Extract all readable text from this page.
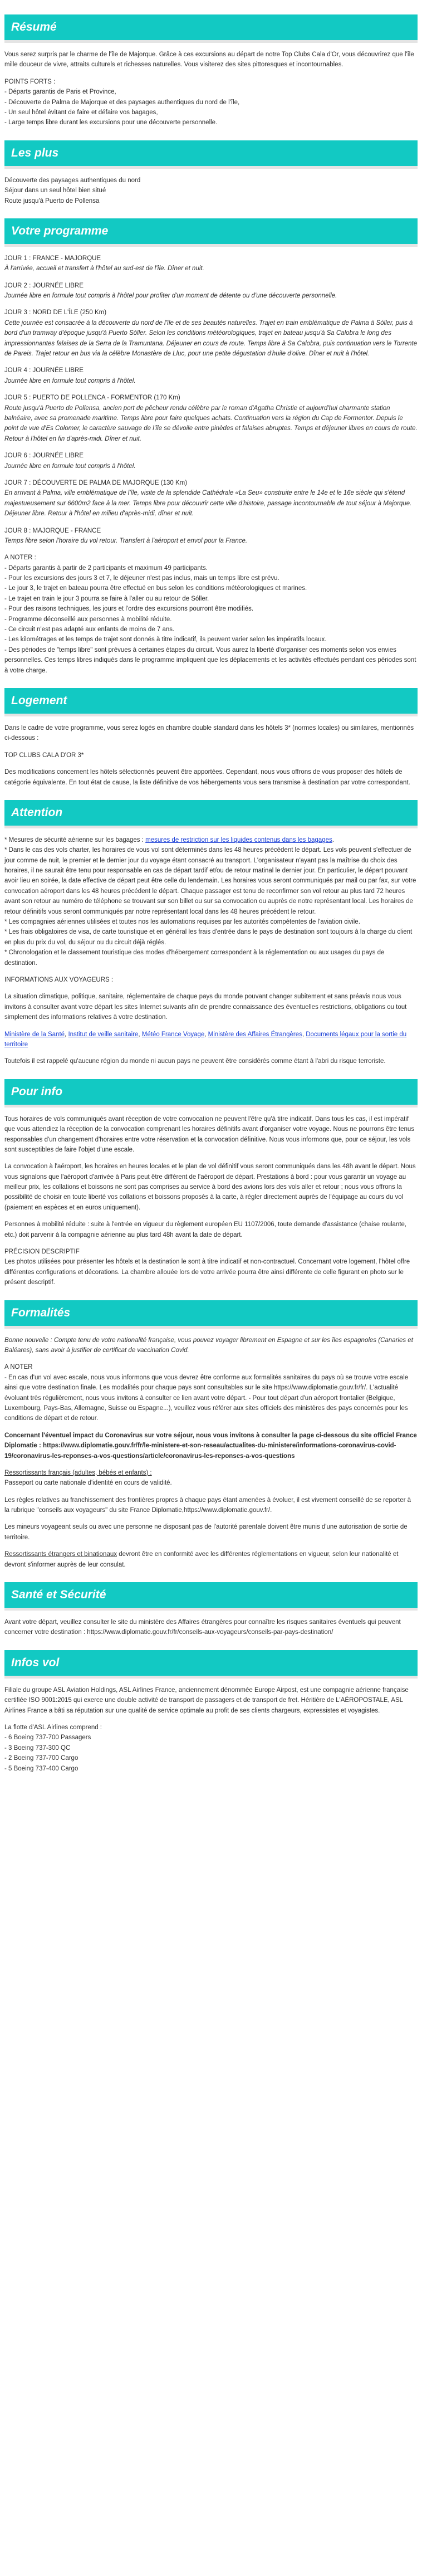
Résumé
Vous serez surpris par le charme de l'île de Majorque. Grâce à ces excursions au départ de notre Top Clubs Cala d'Or, vous découvrirez que l'île mille douceur de vivre, attraits culturels et richesses naturelles. Vous visiterez des sites pittoresques et incontournables.
POINTS FORTS :
- Départs garantis de Paris et Province,
- Découverte de Palma de Majorque et des paysages authentiques du nord de l'île,
- Un seul hôtel évitant de faire et défaire vos bagages,
- Large temps libre durant les excursions pour une découverte personnelle.
Les plus
Découverte des paysages authentiques du nord
Séjour dans un seul hôtel bien situé
Route jusqu'à Puerto de Pollensa
Votre programme
JOUR 1 : FRANCE - MAJORQUE
À l'arrivée, accueil et transfert à l'hôtel au sud-est de l'île. Dîner et nuit.
JOUR 2 : JOURNÉE LIBRE
Journée libre en formule tout compris à l'hôtel pour profiter d'un moment de détente ou d'une découverte personnelle.
JOUR 3 : NORD DE L'ÎLE (250 Km)
Cette journée est consacrée à la découverte du nord de l'île et de ses beautés naturelles. Trajet en train emblématique de Palma à Sóller, puis à bord d'un tramway d'époque jusqu'à Puerto Sóller. Selon les conditions météorologiques, trajet en bateau jusqu'à Sa Calobra le long des impressionnantes falaises de la Serra de la Tramuntana. Déjeuner en cours de route. Temps libre à Sa Calobra, puis continuation vers le Torrente de Pareis. Trajet retour en bus via la célèbre Monastère de Lluc, pour une petite dégustation d'huile d'olive. Dîner et nuit à l'hôtel.
JOUR 4 : JOURNÉE LIBRE
Journée libre en formule tout compris à l'hôtel.
JOUR 5 : PUERTO DE POLLENCA - FORMENTOR (170 Km)
Route jusqu'à Puerto de Pollensa, ancien port de pêcheur rendu célèbre par le roman d'Agatha Christie et aujourd'hui charmante station balnéaire, avec sa promenade maritime. Temps libre pour faire quelques achats. Continuation vers la région du Cap de Formentor. Depuis le point de vue d'Es Colomer, le caractère sauvage de l'île se dévoile entre pinèdes et falaises abruptes. Temps et déjeuner libres en cours de route. Retour à l'hôtel en fin d'après-midi. Dîner et nuit.
JOUR 6 : JOURNÉE LIBRE
Journée libre en formule tout compris à l'hôtel.
JOUR 7 : DÉCOUVERTE DE PALMA DE MAJORQUE (130 Km)
En arrivant à Palma, ville emblématique de l'île, visite de la splendide Cathédrale «La Seu» construite entre le 14e et le 16e siècle qui s'étend majestueusement sur 6600m2 face à la mer. Temps libre pour découvrir cette ville d'histoire, passage incontournable de tout séjour à Majorque. Déjeuner libre. Retour à l'hôtel en milieu d'après-midi, dîner et nuit.
JOUR 8 : MAJORQUE - FRANCE
Temps libre selon l'horaire du vol retour. Transfert à l'aéroport et envol pour la France.
A NOTER :
- Départs garantis à partir de 2 participants et maximum 49 participants.
- Pour les excursions des jours 3 et 7, le déjeuner n'est pas inclus, mais un temps libre est prévu.
- Le jour 3, le trajet en bateau pourra être effectué en bus selon les conditions météorologiques et marines.
- Le trajet en train le jour 3 pourra se faire à l'aller ou au retour de Sóller.
- Pour des raisons techniques, les jours et l'ordre des excursions pourront être modifiés.
- Programme déconseillé aux personnes à mobilité réduite.
- Ce circuit n'est pas adapté aux enfants de moins de 7 ans.
- Les kilométrages et les temps de trajet sont donnés à titre indicatif, ils peuvent varier selon les impératifs locaux.
- Des périodes de "temps libre" sont prévues à certaines étapes du circuit. Vous aurez la liberté d'organiser ces moments selon vos envies personnelles. Ces temps libres indiqués dans le programme impliquent que les déplacements et les activités effectués pendant ces périodes sont à votre charge.
Logement
Dans le cadre de votre programme, vous serez logés en chambre double standard dans les hôtels 3* (normes locales) ou similaires, mentionnés ci-dessous :
TOP CLUBS CALA D'OR 3*
Des modifications concernent les hôtels sélectionnés peuvent être apportées. Cependant, nous vous offrons de vous proposer des hôtels de catégorie équivalente. En tout état de cause, la liste définitive de vos hébergements vous sera transmise à destination par votre correspondant.
Attention
* Mesures de sécurité aérienne sur les bagages : mesures de restriction sur les liquides contenus dans les bagages.
* Dans le cas des vols charter, les horaires de vous vol sont déterminés dans les 48 heures précédent le départ. Les vols peuvent s'effectuer de jour comme de nuit, le premier et le dernier jour du voyage étant consacré au transport. L'organisateur n'ayant pas la maîtrise du choix des horaires, il ne saurait être tenu pour responsable en cas de départ tardif et/ou de retour matinal le dernier jour. En particulier, le départ pouvant avoir lieu en soirée, la date effective de départ peut être celle du lendemain. Les horaires vous seront communiqués par mail ou par fax, sur votre convocation aéroport dans les 48 heures précédent le départ. Chaque passager est tenu de reconfirmer son vol retour au plus tard 72 heures avant son retour au numéro de téléphone se trouvant sur son billet ou sur sa convocation ou auprès de notre représentant local. Les horaires de retour définitifs vous seront communiqués par notre représentant local dans les 48 heures précédent le retour.
* Les compagnies aériennes utilisées et toutes nos les automations requises par les autorités compétentes de l'aviation civile.
* Les frais obligatoires de visa, de carte touristique et en général les frais d'entrée dans le pays de destination sont toujours à la charge du client en plus du prix du vol, du séjour ou du circuit déjà réglés.
* Chronologation et le classement touristique des modes d'hébergement correspondent à la réglementation ou aux usages du pays de destination.
INFORMATIONS AUX VOYAGEURS :
La situation climatique, politique, sanitaire, réglementaire de chaque pays du monde pouvant changer subitement et sans préavis nous vous invitons à consulter avant votre départ les sites Internet suivants afin de prendre connaissance des éventuelles restrictions, obligations ou tout simplement des informations relatives à votre destination.
Ministère de la Santé, Institut de veille sanitaire, Météo France Voyage, Ministère des Affaires Étrangères, Documents légaux pour la sortie du territoire
Toutefois il est rappelé qu'aucune région du monde ni aucun pays ne peuvent être considérés comme étant à l'abri du risque terroriste.
Pour info
Tous horaires de vols communiqués avant réception de votre convocation ne peuvent l'être qu'à titre indicatif. Dans tous les cas, il est impératif que vous attendiez la réception de la convocation comprenant les horaires définitifs avant d'organiser votre voyage. Nous ne pourrons être tenus responsables d'un changement d'horaires entre votre réservation et la convocation définitive. Nous vous informons que, pour ce séjour, les vols sont susceptibles de faire l'objet d'une escale.
La convocation à l'aéroport, les horaires en heures locales et le plan de vol définitif vous seront communiqués dans les 48h avant le départ. Nous vous signalons que l'aéroport d'arrivée à Paris peut être différent de l'aéroport de départ. Prestations à bord : pour vous garantir un voyage au meilleur prix, les collations et boissons ne sont pas comprises au service à bord des avions lors des vols aller et retour ; nous vous offrons la possibilité de choisir en toute liberté vos collations et boissons proposés à la carte, à régler directement auprès de l'équipage au cours du vol (paiement en espèces et en euros uniquement).
Personnes à mobilité réduite : suite à l'entrée en vigueur du règlement européen EU 1107/2006, toute demande d'assistance (chaise roulante, etc.) doit parvenir à la compagnie aérienne au plus tard 48h avant la date de départ.
PRÉCISION DESCRIPTIF
Les photos utilisées pour présenter les hôtels et la destination le sont à titre indicatif et non-contractuel. Concernant votre logement, l'hôtel offre différentes configurations et décorations. La chambre allouée lors de votre arrivée pourra être ainsi différente de celle figurant en photo sur le présent descriptif.
Formalités
Bonne nouvelle : Compte tenu de votre nationalité française, vous pouvez voyager librement en Espagne et sur les îles espagnoles (Canaries et Baléares), sans avoir à justifier de certificat de vaccination Covid.
A NOTER
- En cas d'un vol avec escale, nous vous informons que vous devrez être conforme aux formalités sanitaires du pays où se trouve votre escale ainsi que votre destination finale. Les modalités pour chaque pays sont consultables sur le site https://www.diplomatie.gouv.fr/fr/. L'actualité évoluant très régulièrement, nous vous invitons à consulter ce lien avant votre départ. - Pour tout départ d'un aéroport frontalier (Belgique, Luxembourg, Pays-Bas, Allemagne, Suisse ou Espagne...), veuillez vous référer aux sites officiels des ministères des pays concernés pour les conditions de départ et de retour.
Concernant l'éventuel impact du Coronavirus sur votre séjour, nous vous invitons à consulter la page ci-dessous du site officiel France Diplomatie : https://www.diplomatie.gouv.fr/fr/le-ministere-et-son-reseau/actualites-du-ministere/informations-coronavirus-covid-19/coronavirus-les-reponses-a-vos-questions/article/coronavirus-les-reponses-a-vos-questions
Ressortissants français (adultes, bébés et enfants) :
Passeport ou carte nationale d'identité en cours de validité.
Les règles relatives au franchissement des frontières propres à chaque pays étant amenées à évoluer, il est vivement conseillé de se reporter à la rubrique "conseils aux voyageurs" du site France Diplomatie,https://www.diplomatie.gouv.fr/.
Les mineurs voyageant seuls ou avec une personne ne disposant pas de l'autorité parentale doivent être munis d'une autorisation de sortie de territoire.
Ressortissants étrangers et binationaux devront être en conformité avec les différentes réglementations en vigueur, selon leur nationalité et devront s'informer auprès de leur consulat.
Santé et Sécurité
Avant votre départ, veuillez consulter le site du ministère des Affaires étrangères pour connaître les risques sanitaires éventuels qui peuvent concerner votre destination : https://www.diplomatie.gouv.fr/fr/conseils-aux-voyageurs/conseils-par-pays-destination/
Infos vol
Filiale du groupe ASL Aviation Holdings, ASL Airlines France, anciennement dénommée Europe Airpost, est une compagnie aérienne française certifiée ISO 9001:2015 qui exerce une double activité de transport de passagers et de transport de fret. Héritière de L'AÉROPOSTALE, ASL Airlines France a bâti sa réputation sur une qualité de service optimale au profit de ses clients chargeurs, expressistes et voyagistes.
La flotte d'ASL Airlines comprend :
- 6 Boeing 737-700 Passagers
- 3 Boeing 737-300 QC
- 2 Boeing 737-700 Cargo
- 5 Boeing 737-400 Cargo
